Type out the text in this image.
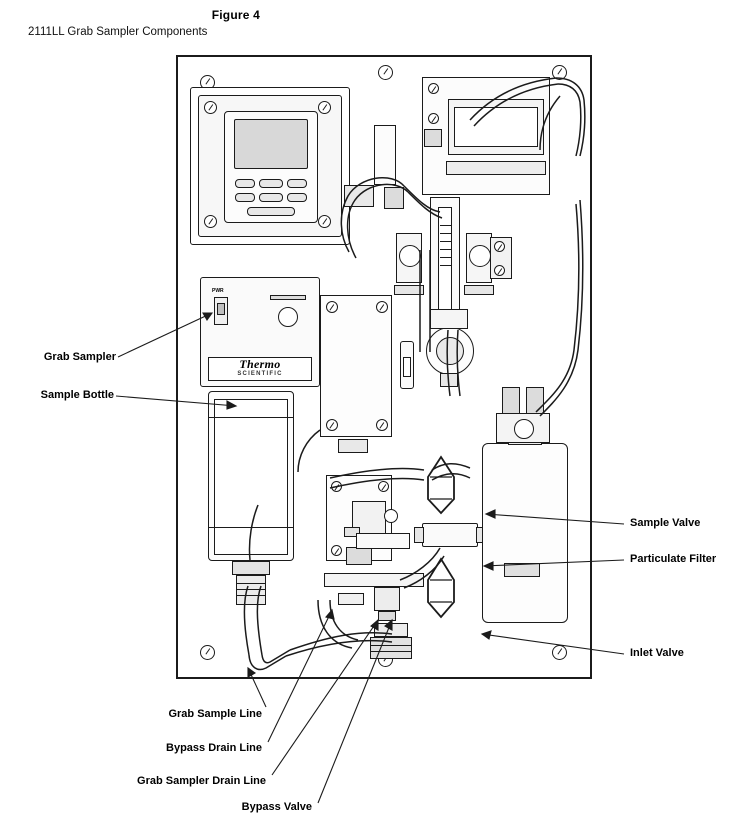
Figure 4
2111LL Grab Sampler Components
Thermo
SCIENTIFIC
PWR
Grab Sampler
Sample Bottle
Sample Valve
Particulate Filter
Inlet Valve
Grab Sample Line
Bypass Drain Line
Grab Sampler Drain Line
Bypass Valve
